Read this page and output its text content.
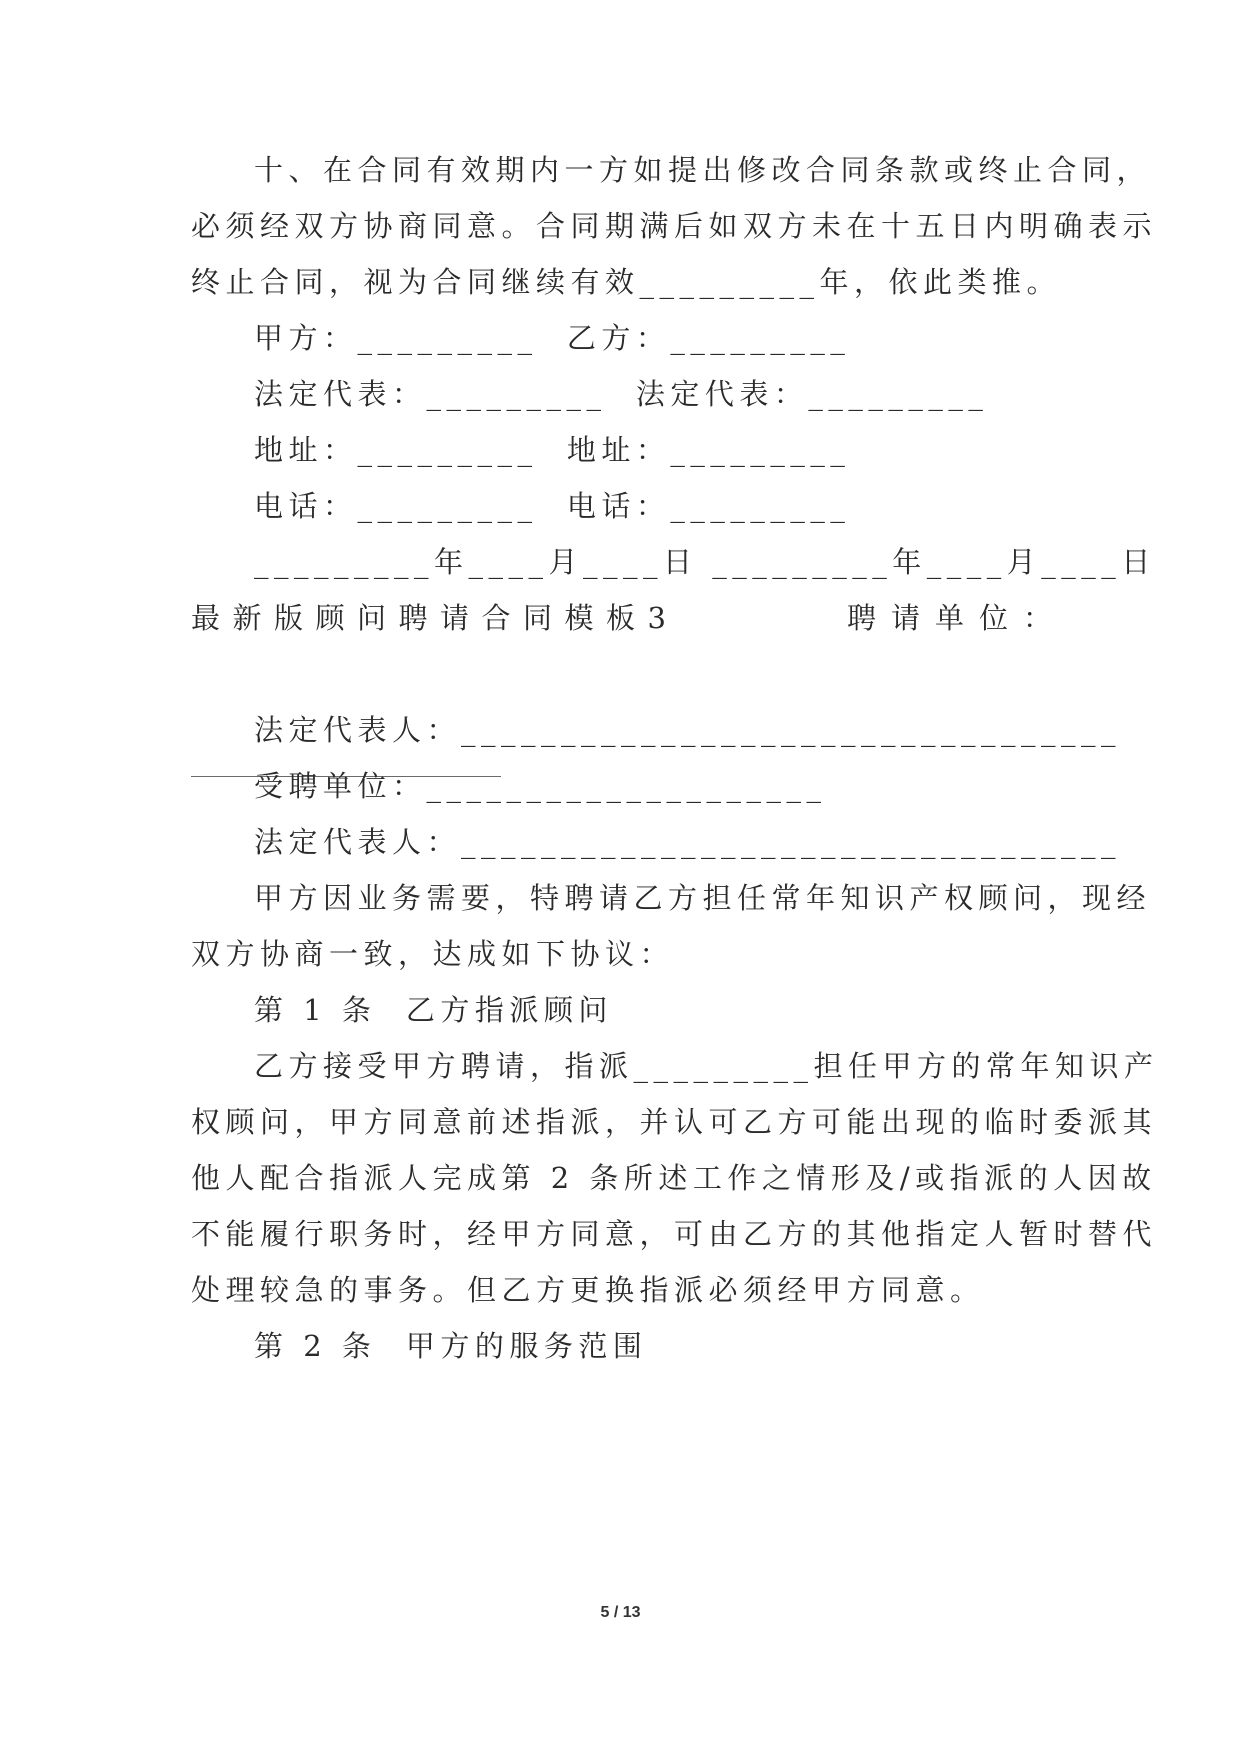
十、在合同有效期内一方如提出修改合同条款或终止合同，
必须经双方协商同意。合同期满后如双方未在十五日内明确表示
终止合同，视为合同继续有效_________年，依此类推。
甲方：_________  乙方：_________
法定代表：_________  法定代表：_________
地址：_________  地址：_________
电话：_________  电话：_________
_________年____月____日 _________年____月____日
最新版顾问聘请合同模板3	聘请单位：
法定代表人：_________________________________
受聘单位：____________________
法定代表人：_________________________________
甲方因业务需要，特聘请乙方担任常年知识产权顾问，现经
双方协商一致，达成如下协议：
第 1 条  乙方指派顾问
乙方接受甲方聘请，指派_________担任甲方的常年知识产
权顾问，甲方同意前述指派，并认可乙方可能出现的临时委派其
他人配合指派人完成第 2 条所述工作之情形及/或指派的人因故
不能履行职务时，经甲方同意，可由乙方的其他指定人暂时替代
处理较急的事务。但乙方更换指派必须经甲方同意。
第 2 条  甲方的服务范围
5 / 13
